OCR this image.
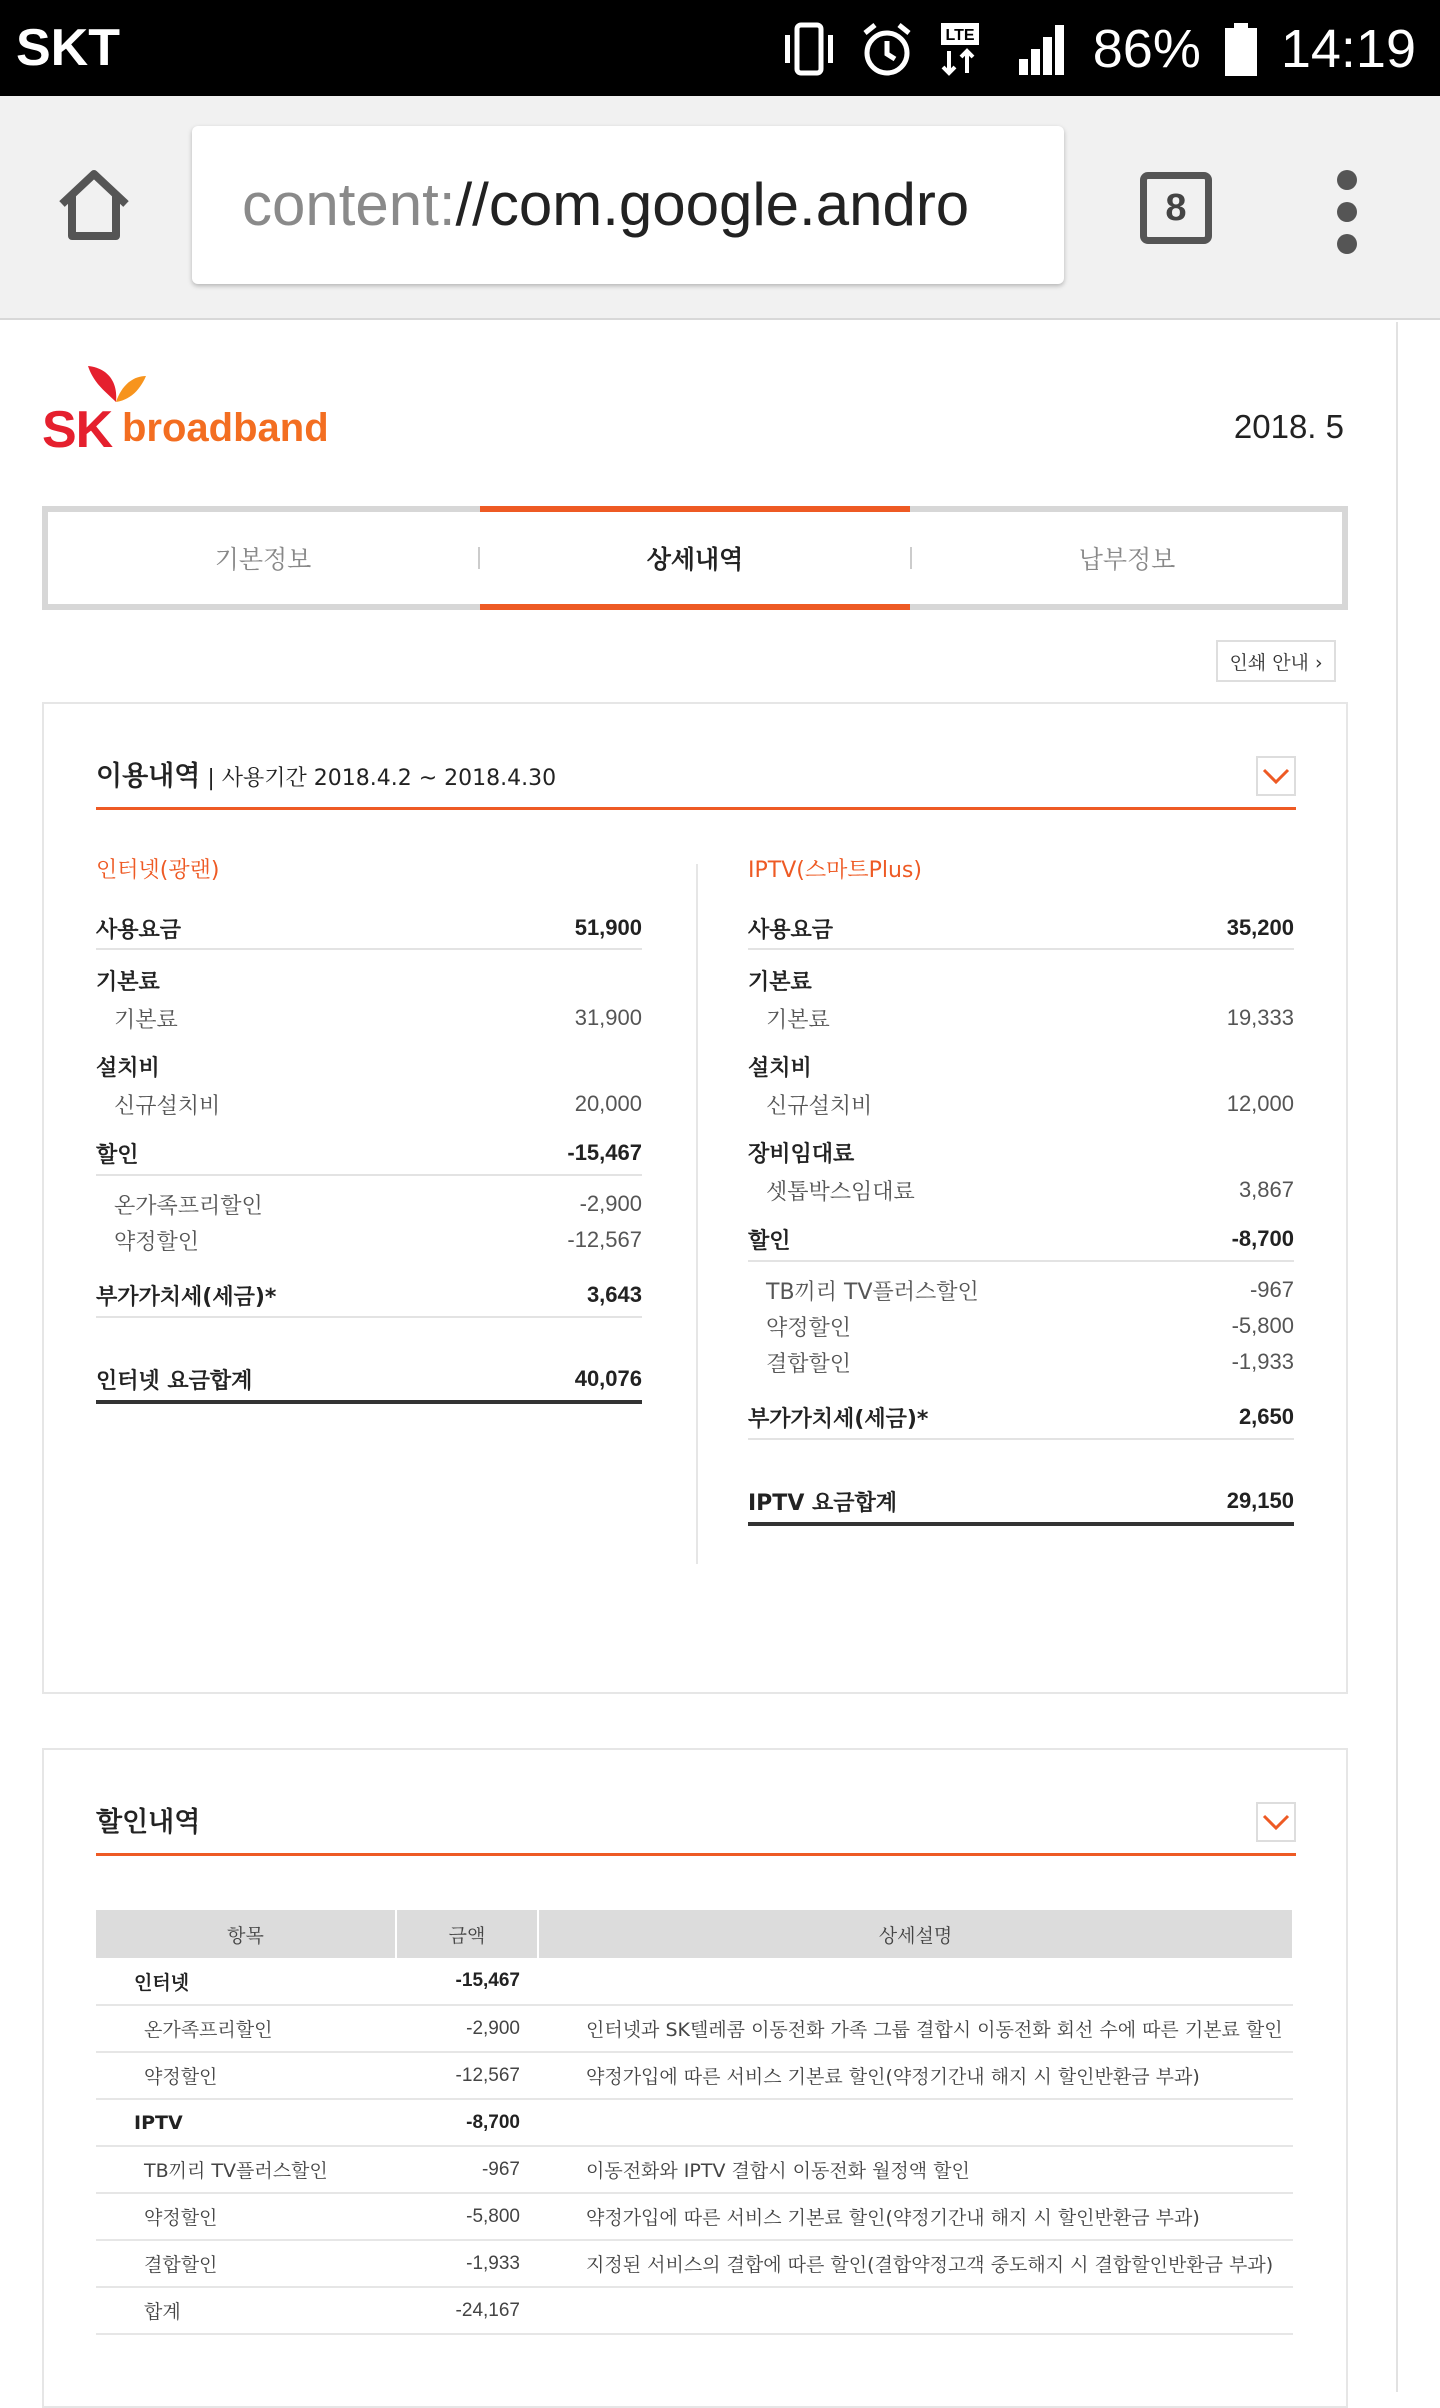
SKT	LTE 86% 14:19
content://com.google.andro	8
SK broadband	2018. 5
기본정보	상세내역	납부정보
인쇄 안내 ›
이용내역 | 사용기간 2018.4.2 ~ 2018.4.30
인터넷(광랜)
사용요금	51,900
기본료
기본료	31,900
설치비
신규설치비	20,000
할인	-15,467
온가족프리할인	-2,900
약정할인	-12,567
부가가치세(세금)*	3,643
인터넷 요금합계	40,076
IPTV(스마트Plus)
사용요금	35,200
기본료
기본료	19,333
설치비
신규설치비	12,000
장비임대료
셋톱박스임대료	3,867
할인	-8,700
TB끼리 TV플러스할인	-967
약정할인	-5,800
결합할인	-1,933
부가가치세(세금)*	2,650
IPTV 요금합계	29,150
할인내역
항목	금액	상세설명
인터넷	-15,467	
온가족프리할인	-2,900	인터넷과 SK텔레콤 이동전화 가족 그룹 결합시 이동전화 회선 수에 따른 기본료 할인
약정할인	-12,567	약정가입에 따른 서비스 기본료 할인(약정기간내 해지 시 할인반환금 부과)
IPTV	-8,700	
TB끼리 TV플러스할인	-967	이동전화와 IPTV 결합시 이동전화 월정액 할인
약정할인	-5,800	약정가입에 따른 서비스 기본료 할인(약정기간내 해지 시 할인반환금 부과)
결합할인	-1,933	지정된 서비스의 결합에 따른 할인(결합약정고객 중도해지 시 결합할인반환금 부과)
합계	-24,167	
